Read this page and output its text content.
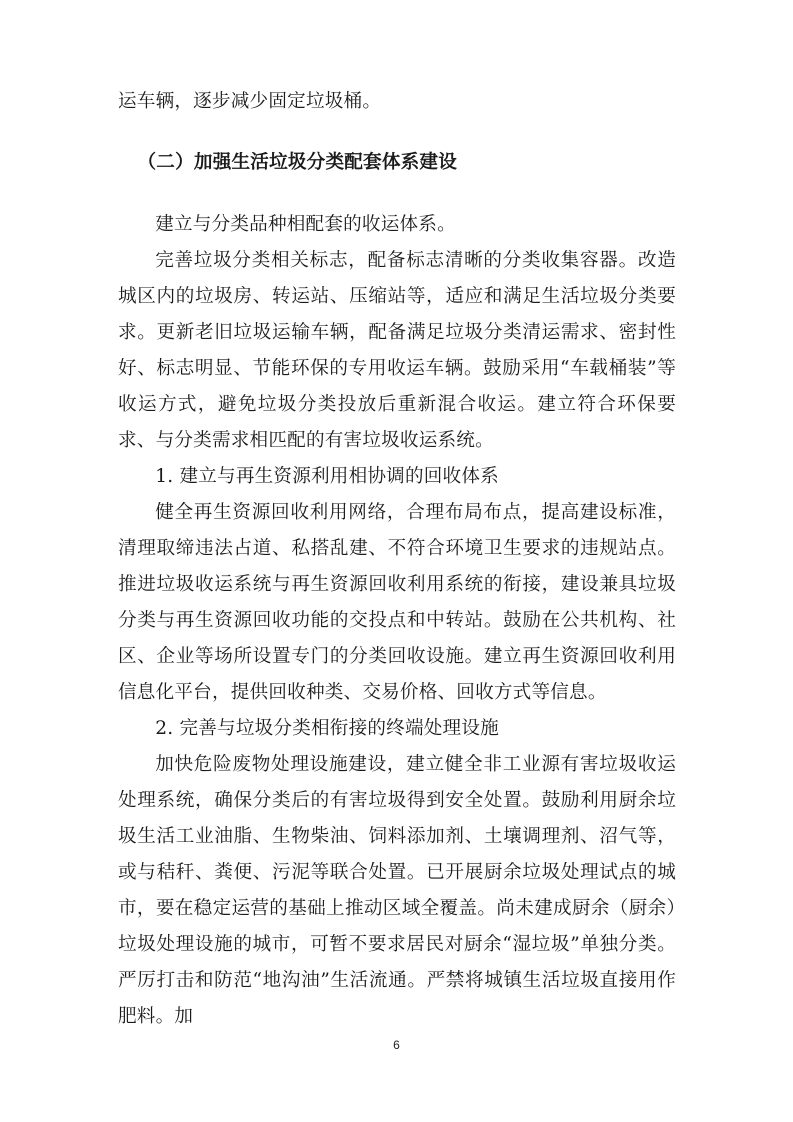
运车辆，逐步减少固定垃圾桶。

（二）加强生活垃圾分类配套体系建设

建立与分类品种相配套的收运体系。

完善垃圾分类相关标志，配备标志清晰的分类收集容器。改造城区内的垃圾房、转运站、压缩站等，适应和满足生活垃圾分类要求。更新老旧垃圾运输车辆，配备满足垃圾分类清运需求、密封性好、标志明显、节能环保的专用收运车辆。鼓励采用“车载桶装”等收运方式，避免垃圾分类投放后重新混合收运。建立符合环保要求、与分类需求相匹配的有害垃圾收运系统。

1. 建立与再生资源利用相协调的回收体系

健全再生资源回收利用网络，合理布局布点，提高建设标准，清理取缔违法占道、私搭乱建、不符合环境卫生要求的违规站点。推进垃圾收运系统与再生资源回收利用系统的衔接，建设兼具垃圾分类与再生资源回收功能的交投点和中转站。鼓励在公共机构、社区、企业等场所设置专门的分类回收设施。建立再生资源回收利用信息化平台，提供回收种类、交易价格、回收方式等信息。

2. 完善与垃圾分类相衔接的终端处理设施

加快危险废物处理设施建设，建立健全非工业源有害垃圾收运处理系统，确保分类后的有害垃圾得到安全处置。鼓励利用厨余垃圾生活工业油脂、生物柴油、饲料添加剂、土壤调理剂、沼气等，或与秸秆、粪便、污泥等联合处置。已开展厨余垃圾处理试点的城市，要在稳定运营的基础上推动区域全覆盖。尚未建成厨余（厨余）垃圾处理设施的城市，可暂不要求居民对厨余“湿垃圾”单独分类。严厉打击和防范“地沟油”生活流通。严禁将城镇生活垃圾直接用作肥料。加

6
